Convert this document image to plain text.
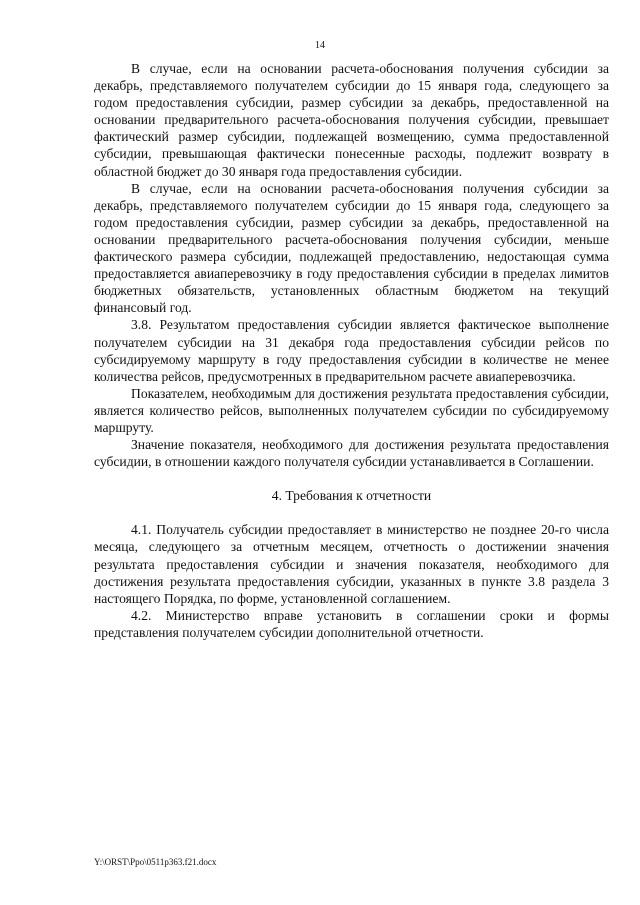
14

В случае, если на основании расчета-обоснования получения субсидии за декабрь, представляемого получателем субсидии до 15 января года, следующего за годом предоставления субсидии, размер субсидии за декабрь, предоставленной на основании предварительного расчета-обоснования получения субсидии, превышает фактический размер субсидии, подлежащей возмещению, сумма предоставленной субсидии, превышающая фактически понесенные расходы, подлежит возврату в областной бюджет до 30 января года предоставления субсидии.

В случае, если на основании расчета-обоснования получения субсидии за декабрь, представляемого получателем субсидии до 15 января года, следующего за годом предоставления субсидии, размер субсидии за декабрь, предоставленной на основании предварительного расчета-обоснования получения субсидии, меньше фактического размера субсидии, подлежащей предоставлению, недостающая сумма предоставляется авиаперевозчику в году предоставления субсидии в пределах лимитов бюджетных обязательств, установленных областным бюджетом на текущий финансовый год.

3.8. Результатом предоставления субсидии является фактическое выполнение получателем субсидии на 31 декабря года предоставления субсидии рейсов по субсидируемому маршруту в году предоставления субсидии в количестве не менее количества рейсов, предусмотренных в предварительном расчете авиаперевозчика.

Показателем, необходимым для достижения результата предоставления субсидии, является количество рейсов, выполненных получателем субсидии по субсидируемому маршруту.

Значение показателя, необходимого для достижения результата предоставления субсидии, в отношении каждого получателя субсидии устанавливается в Соглашении.

4. Требования к отчетности

4.1. Получатель субсидии предоставляет в министерство не позднее 20-го числа месяца, следующего за отчетным месяцем, отчетность о достижении значения результата предоставления субсидии и значения показателя, необходимого для достижения результата предоставления субсидии, указанных в пункте 3.8 раздела 3 настоящего Порядка, по форме, установленной соглашением.

4.2. Министерство вправе установить в соглашении сроки и формы представления получателем субсидии дополнительной отчетности.

Y:\ORST\Ppo\0511p363.f21.docx
